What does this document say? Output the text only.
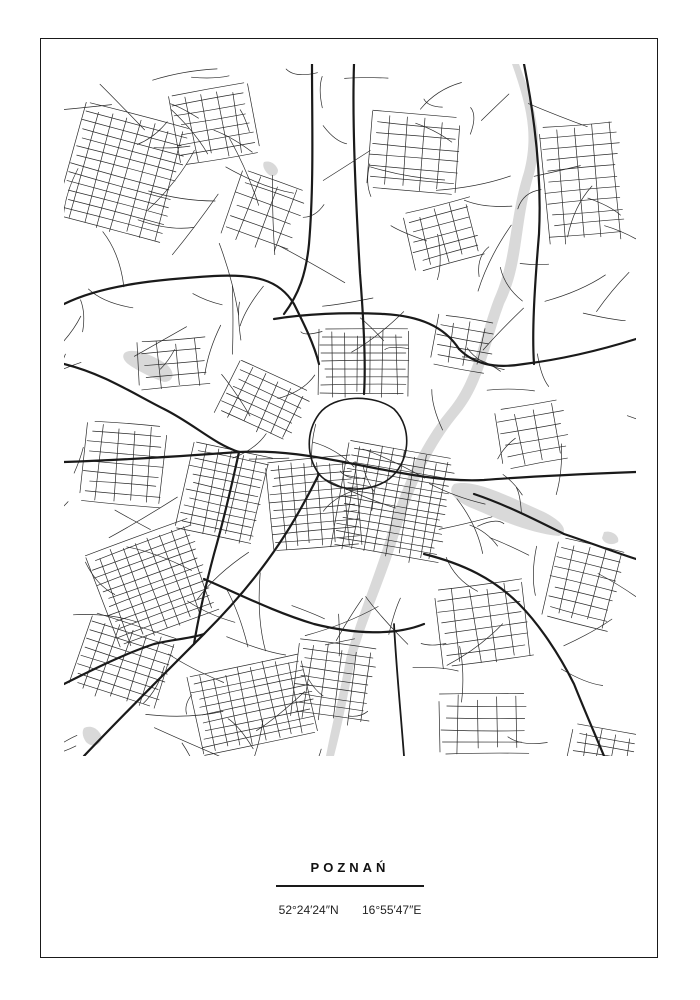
POZNAŃ
52°24′24″N 16°55′47″E
